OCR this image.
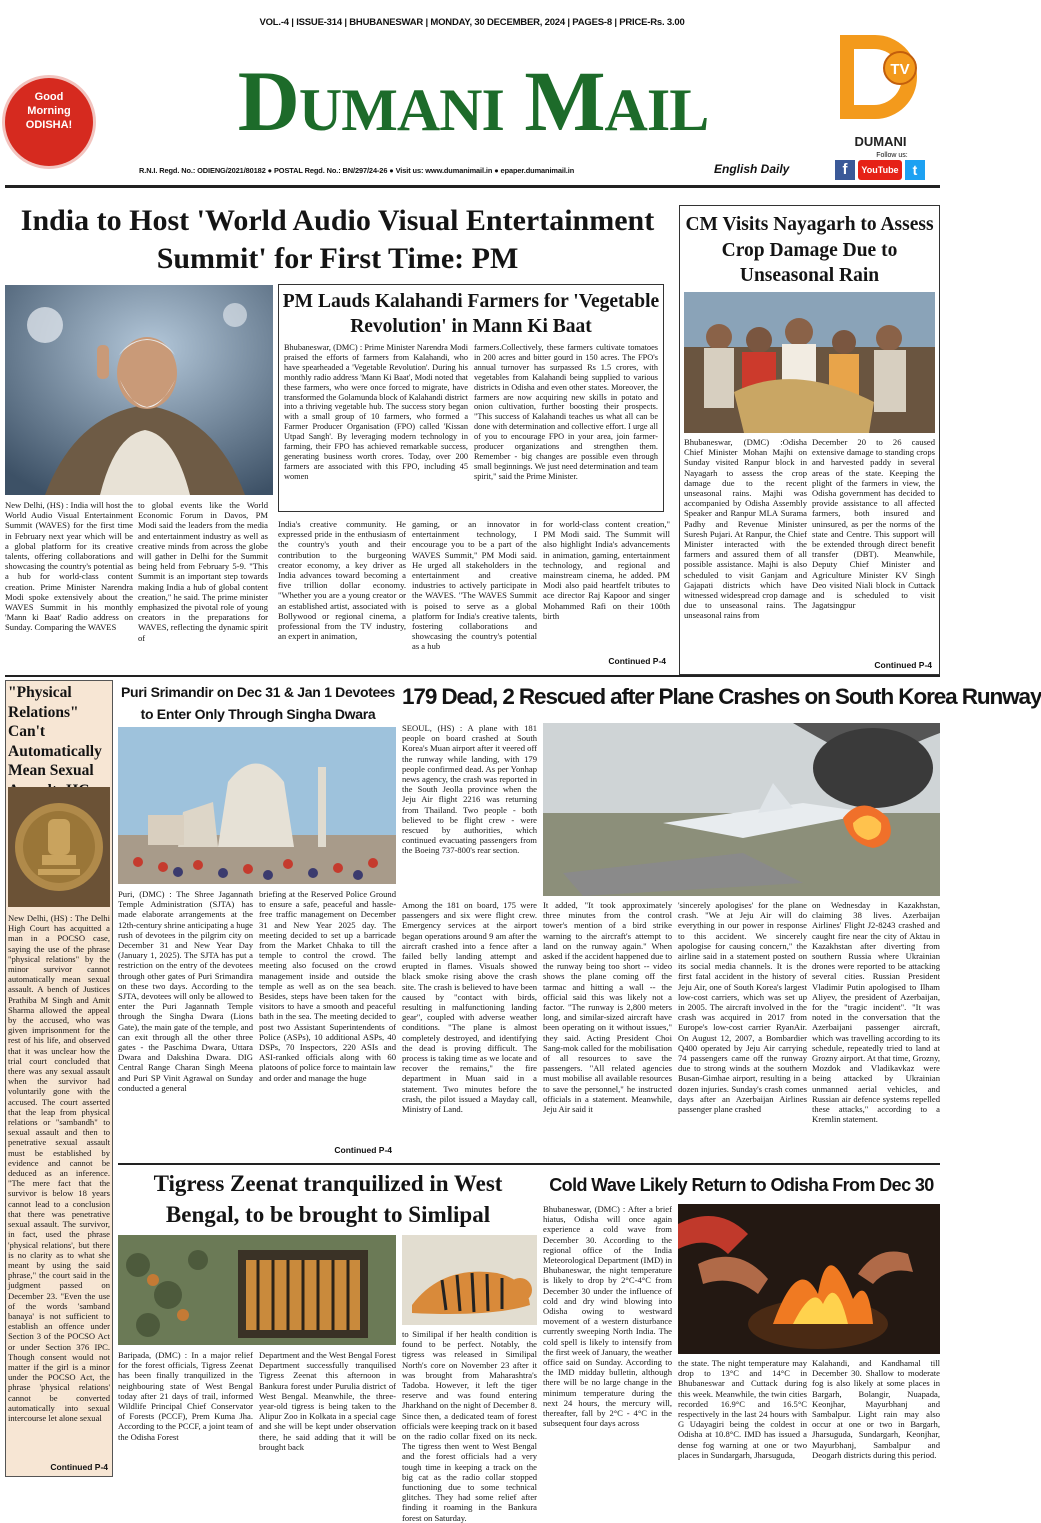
VOL.-4 | ISSUE-314 | BHUBANESWAR | MONDAY, 30 DECEMBER, 2024 | PAGES-8 | PRICE-Rs. 3.00
Good Morning ODISHA!	Dumani Mail
R.N.I. Regd. No.: ODIENG/2021/80182 ● POSTAL Regd. No.: BN/297/24-26 ● Visit us: www.dumanimail.in ● epaper.dumanimail.in	English Daily
TV
DUMANI
Follow us:
f	YouTube	t
India to Host 'World Audio Visual Entertainment Summit' for First Time: PM
New Delhi, (HS) : India will host the World Audio Visual Entertainment Summit (WAVES) for the first time in February next year which will be a global platform for its creative talents, offering collaborations and showcasing the country's potential as a hub for world-class content creation. Prime Minister Narendra Modi spoke extensively about the WAVES Summit in his monthly 'Mann ki Baat' Radio address on Sunday. Comparing the WAVES
to global events like the World Economic Forum in Davos, PM Modi said the leaders from the media and entertainment industry as well as creative minds from across the globe will gather in Delhi for the Summit being held from February 5-9. "This Summit is an important step towards making India a hub of global content creation," he said. The prime minister emphasized the pivotal role of young creators in the preparations for WAVES, reflecting the dynamic spirit of
PM Lauds Kalahandi Farmers for 'Vegetable Revolution' in Mann Ki Baat
Bhubaneswar, (DMC) : Prime Minister Narendra Modi praised the efforts of farmers from Kalahandi, who have spearheaded a 'Vegetable Revolution'. During his monthly radio address 'Mann Ki Baat', Modi noted that these farmers, who were once forced to migrate, have transformed the Golamunda block of Kalahandi district into a thriving vegetable hub. The success story began with a small group of 10 farmers, who formed a Farmer Producer Organisation (FPO) called 'Kissan Utpad Sangh'. By leveraging modern technology in farming, their FPO has achieved remarkable success, generating business worth crores. Today, over 200 farmers are associated with this FPO, including 45 women
farmers.Collectively, these farmers cultivate tomatoes in 200 acres and bitter gourd in 150 acres. The FPO's annual turnover has surpassed Rs 1.5 crores, with vegetables from Kalahandi being supplied to various districts in Odisha and even other states. Moreover, the farmers are now acquiring new skills in potato and onion cultivation, further boosting their prospects. "This success of Kalahandi teaches us what all can be done with determination and collective effort. I urge all of you to encourage FPO in your area, join farmer-producer organizations and strengthen them. Remember - big changes are possible even through small beginnings. We just need determination and team spirit," said the Prime Minister.
India's creative community. He expressed pride in the enthusiasm of the country's youth and their contribution to the burgeoning creator economy, a key driver as India advances toward becoming a five trillion dollar economy. "Whether you are a young creator or an established artist, associated with Bollywood or regional cinema, a professional from the TV industry, an expert in animation,
gaming, or an innovator in entertainment technology, I encourage you to be a part of the WAVES Summit," PM Modi said. He urged all stakeholders in the entertainment and creative industries to actively participate in the WAVES. "The WAVES Summit is poised to serve as a global platform for India's creative talents, fostering collaborations and showcasing the country's potential as a hub
for world-class content creation," PM Modi said. The Summit will also highlight India's advancements in animation, gaming, entertainment technology, and regional and mainstream cinema, he added. PM Modi also paid heartfelt tributes to ace director Raj Kapoor and singer Mohammed Rafi on their 100th birth
Continued P-4
CM Visits Nayagarh to Assess Crop Damage Due to Unseasonal Rain
Bhubaneswar, (DMC) :Odisha Chief Minister Mohan Majhi on Sunday visited Ranpur block in Nayagarh to assess the crop damage due to the recent unseasonal rains. Majhi was accompanied by Odisha Assembly Speaker and Ranpur MLA Surama Padhy and Revenue Minister Suresh Pujari. At Ranpur, the Chief Minister interacted with the farmers and assured them of all possible assistance. Majhi is also scheduled to visit Ganjam and Gajapati districts which have witnessed widespread crop damage due to unseasonal rains. The unseasonal rains from
December 20 to 26 caused extensive damage to standing crops and harvested paddy in several areas of the state. Keeping the plight of the farmers in view, the Odisha government has decided to provide assistance to all affected farmers, both insured and uninsured, as per the norms of the state and Centre. This support will be extended through direct benefit transfer (DBT). Meanwhile, Deputy Chief Minister and Agriculture Minister KV Singh Deo visited Niali block in Cuttack and is scheduled to visit Jagatsingpur
Continued P-4
"Physical Relations" Can't Automatically Mean Sexual
New Delhi, (HS) : The Delhi High Court has acquitted a man in a POCSO case, saying the use of the phrase "physical relations" by the minor survivor cannot automatically mean sexual assault. A bench of Justices Prathiba M Singh and Amit Sharma allowed the appeal by the accused, who was given imprisonment for the rest of his life, and observed that it was unclear how the trial court concluded that there was any sexual assault when the survivor had voluntarily gone with the accused. The court asserted that the leap from physical relations or "sambandh" to sexual assault and then to penetrative sexual assault must be established by evidence and cannot be deduced as an inference. "The mere fact that the survivor is below 18 years cannot lead to a conclusion that there was penetrative sexual assault. The survivor, in fact, used the phrase 'physical relations', but there is no clarity as to what she meant by using the said phrase," the court said in the judgment passed on December 23. "Even the use of the words 'samband banaya' is not sufficient to establish an offence under Section 3 of the POCSO Act or under Section 376 IPC. Though consent would not matter if the girl is a minor under the POCSO Act, the phrase 'physical relations' cannot be converted automatically into sexual intercourse let alone sexual
Continued P-4
Puri Srimandir on Dec 31 & Jan 1 Devotees to Enter Only Through Singha Dwara
Puri, (DMC) : The Shree Jagannath Temple Administration (SJTA) has made elaborate arrangements at the 12th-century shrine anticipating a huge rush of devotees in the pilgrim city on December 31 and New Year Day (January 1, 2025). The SJTA has put a restriction on the entry of the devotees through other gates of Puri Srimandira on these two days. According to the SJTA, devotees will only be allowed to enter the Puri Jagannath Temple through the Singha Dwara (Lions Gate), the main gate of the temple, and can exit through all the other three gates - the Paschima Dwara, Uttara Dwara and Dakshina Dwara. DIG Central Range Charan Singh Meena and Puri SP Vinit Agrawal on Sunday conducted a general
briefing at the Reserved Police Ground to ensure a safe, peaceful and hassle-free traffic management on December 31 and New Year 2025 day. The meeting decided to set up a barricade from the Market Chhaka to till the temple to control the crowd. The meeting also focused on the crowd management inside and outside the temple as well as on the sea beach. Besides, steps have been taken for the visitors to have a smooth and peaceful bath in the sea. The meeting decided to post two Assistant Superintendents of Police (ASPs), 10 additional ASPs, 40 DSPs, 70 Inspectors, 220 ASIs and ASI-ranked officials along with 60 platoons of police force to maintain law and order and manage the huge
Continued P-4
179 Dead, 2 Rescued after Plane Crashes on South Korea Runway
SEOUL, (HS) : A plane with 181 people on board crashed at South Korea's Muan airport after it veered off the runway while landing, with 179 people confirmed dead. As per Yonhap news agency, the crash was reported in the South Jeolla province when the Jeju Air flight 2216 was returning from Thailand. Two people - both believed to be flight crew - were rescued by authorities, which continued evacuating passengers from the Boeing 737-800's rear section.
Among the 181 on board, 175 were passengers and six were flight crew. Emergency services at the airport began operations around 9 am after the aircraft crashed into a fence after a failed belly landing attempt and erupted in flames. Visuals showed black smoke rising above the crash site. The crash is believed to have been caused by "contact with birds, resulting in malfunctioning landing gear", coupled with adverse weather conditions. "The plane is almost completely destroyed, and identifying the dead is proving difficult. The process is taking time as we locate and recover the remains," the fire department in Muan said in a statement. Two minutes before the crash, the pilot issued a Mayday call, Ministry of Land.
It added, "It took approximately three minutes from the control tower's mention of a bird strike warning to the aircraft's attempt to land on the runway again." When asked if the accident happened due to the runway being too short -- video shows the plane coming off the tarmac and hitting a wall -- the official said this was likely not a factor. "The runway is 2,800 meters long, and similar-sized aircraft have been operating on it without issues," they said. Acting President Choi Sang-mok called for the mobilisation of all resources to save the passengers. "All related agencies must mobilise all available resources to save the personnel," he instructed officials in a statement. Meanwhile, Jeju Air said it
'sincerely apologises' for the plane crash. "We at Jeju Air will do everything in our power in response to this accident. We sincerely apologise for causing concern," the airline said in a statement posted on its social media channels. It is the first fatal accident in the history of Jeju Air, one of South Korea's largest low-cost carriers, which was set up in 2005. The aircraft involved in the crash was acquired in 2017 from Europe's low-cost carrier RyanAir. On August 12, 2007, a Bombardier Q400 operated by Jeju Air carrying 74 passengers came off the runway due to strong winds at the southern Busan-Gimhae airport, resulting in a dozen injuries. Sunday's crash comes days after an Azerbaijan Airlines passenger plane crashed
on Wednesday in Kazakhstan, claiming 38 lives. Azerbaijan Airlines' Flight J2-8243 crashed and caught fire near the city of Aktau in Kazakhstan after diverting from southern Russia where Ukrainian drones were reported to be attacking several cities. Russian President Vladimir Putin apologised to Ilham Aliyev, the president of Azerbaijan, for the "tragic incident". "It was noted in the conversation that the Azerbaijani passenger aircraft, which was travelling according to its schedule, repeatedly tried to land at Grozny airport. At that time, Grozny, Mozdok and Vladikavkaz were being attacked by Ukrainian unmanned aerial vehicles, and Russian air defence systems repelled these attacks," according to a Kremlin statement.
Tigress Zeenat tranquilized in West Bengal, to be brought to Simlipal
Baripada, (DMC) : In a major relief for the forest officials, Tigress Zeenat has been finally tranquilized in the neighbouring state of West Bengal today after 21 days of trail, informed Wildlife Principal Chief Conservator of Forests (PCCF), Prem Kuma Jha. According to the PCCF, a joint team of the Odisha Forest
Department and the West Bengal Forest Department successfully tranquilised Tigress Zeenat this afternoon in Bankura forest under Purulia district of West Bengal. Meanwhile, the three-year-old tigress is being taken to the Alipur Zoo in Kolkata in a special cage and she will be kept under observation there, he said adding that it will be brought back
to Similipal if her health condition is found to be perfect. Notably, the tigress was released in Similipal North's core on November 23 after it was brought from Maharashtra's Tadoba. However, it left the tiger reserve and was found entering Jharkhand on the night of December 8. Since then, a dedicated team of forest officials were keeping track on it based on the radio collar fixed on its neck. The tigress then went to West Bengal and the forest officials had a very tough time in keeping a track on the big cat as the radio collar stopped functioning due to some technical glitches. They had some relief after finding it roaming in the Bankura forest on Saturday.
Cold Wave Likely Return to Odisha From Dec 30
Bhubaneswar, (DMC) : After a brief hiatus, Odisha will once again experience a cold wave from December 30. According to the regional office of the India Meteorological Department (IMD) in Bhubaneswar, the night temperature is likely to drop by 2°C-4°C from December 30 under the influence of cold and dry wind blowing into Odisha owing to westward movement of a western disturbance currently sweeping North India. The cold spell is likely to intensify from the first week of January, the weather office said on Sunday. According to the IMD midday bulletin, although there will be no large change in the minimum temperature during the next 24 hours, the mercury will, thereafter, fall by 2°C - 4°C in the subsequent four days across
the state. The night temperature may drop to 13°C and 14°C in Bhubaneswar and Cuttack during this week. Meanwhile, the twin cities recorded 16.9°C and 16.5°C respectively in the last 24 hours with G Udayagiri being the coldest in Odisha at 10.8°C. IMD has issued a dense fog warning at one or two places in Sundargarh, Jharsuguda,
Kalahandi, and Kandhamal till December 30. Shallow to moderate fog is also likely at some places in Bargarh, Bolangir, Nuapada, Keonjhar, Mayurbhanj and Sambalpur. Light rain may also occur at one or two in Bargarh, Jharsuguda, Sundargarh, Keonjhar, Mayurbhanj, Sambalpur and Deogarh districts during this period.
